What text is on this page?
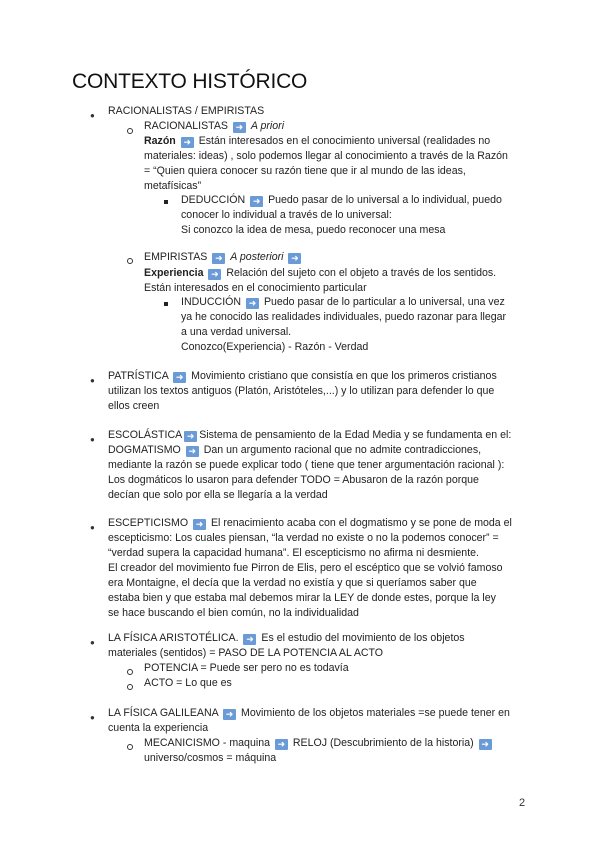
CONTEXTO HISTÓRICO
● RACIONALISTAS / EMPIRISTAS
RACIONALISTAS ➜ A priori
Razón ➜ Están interesados en el conocimiento universal (realidades no
materiales: ideas) , solo podemos llegar al conocimiento a través de la Razón
= “Quien quiera conocer su razón tiene que ir al mundo de las ideas,
metafísicas”
DEDUCCIÓN ➜ Puedo pasar de lo universal a lo individual, puedo
conocer lo individual a través de lo universal:
Si conozco la idea de mesa, puedo reconocer una mesa
EMPIRISTAS ➜ A posteriori ➜
Experiencia ➜ Relación del sujeto con el objeto a través de los sentidos.
Están interesados en el conocimiento particular
INDUCCIÓN ➜ Puedo pasar de lo particular a lo universal, una vez
ya he conocido las realidades individuales, puedo razonar para llegar
a una verdad universal.
Conozco(Experiencia) - Razón - Verdad
● PATRÍSTICA ➜ Movimiento cristiano que consistía en que los primeros cristianos
utilizan los textos antiguos (Platón, Aristóteles,...) y lo utilizan para defender lo que
ellos creen
● ESCOLÁSTICA ➜ Sistema de pensamiento de la Edad Media y se fundamenta en el:
DOGMATISMO ➜ Dan un argumento racional que no admite contradicciones,
mediante la razón se puede explicar todo ( tiene que tener argumentación racional ):
Los dogmáticos lo usaron para defender TODO = Abusaron de la razón porque
decían que solo por ella se llegaría a la verdad
● ESCEPTICISMO ➜ El renacimiento acaba con el dogmatismo y se pone de moda el
escepticismo: Los cuales piensan, “la verdad no existe o no la podemos conocer” =
“verdad supera la capacidad humana”. El escepticismo no afirma ni desmiente.
El creador del movimiento fue Pirron de Elis, pero el escéptico que se volvió famoso
era Montaigne, el decía que la verdad no existía y que si queríamos saber que
estaba bien y que estaba mal debemos mirar la LEY de donde estes, porque la ley
se hace buscando el bien común, no la individualidad
● LA FÍSICA ARISTOTÉLICA. ➜ Es el estudio del movimiento de los objetos
materiales (sentidos) = PASO DE LA POTENCIA AL ACTO
POTENCIA = Puede ser pero no es todavía
ACTO = Lo que es
● LA FÍSICA GALILEANA ➜ Movimiento de los objetos materiales =se puede tener en
cuenta la experiencia
MECANICISMO - maquina ➜ RELOJ (Descubrimiento de la historia) ➜
universo/cosmos = máquina
2
